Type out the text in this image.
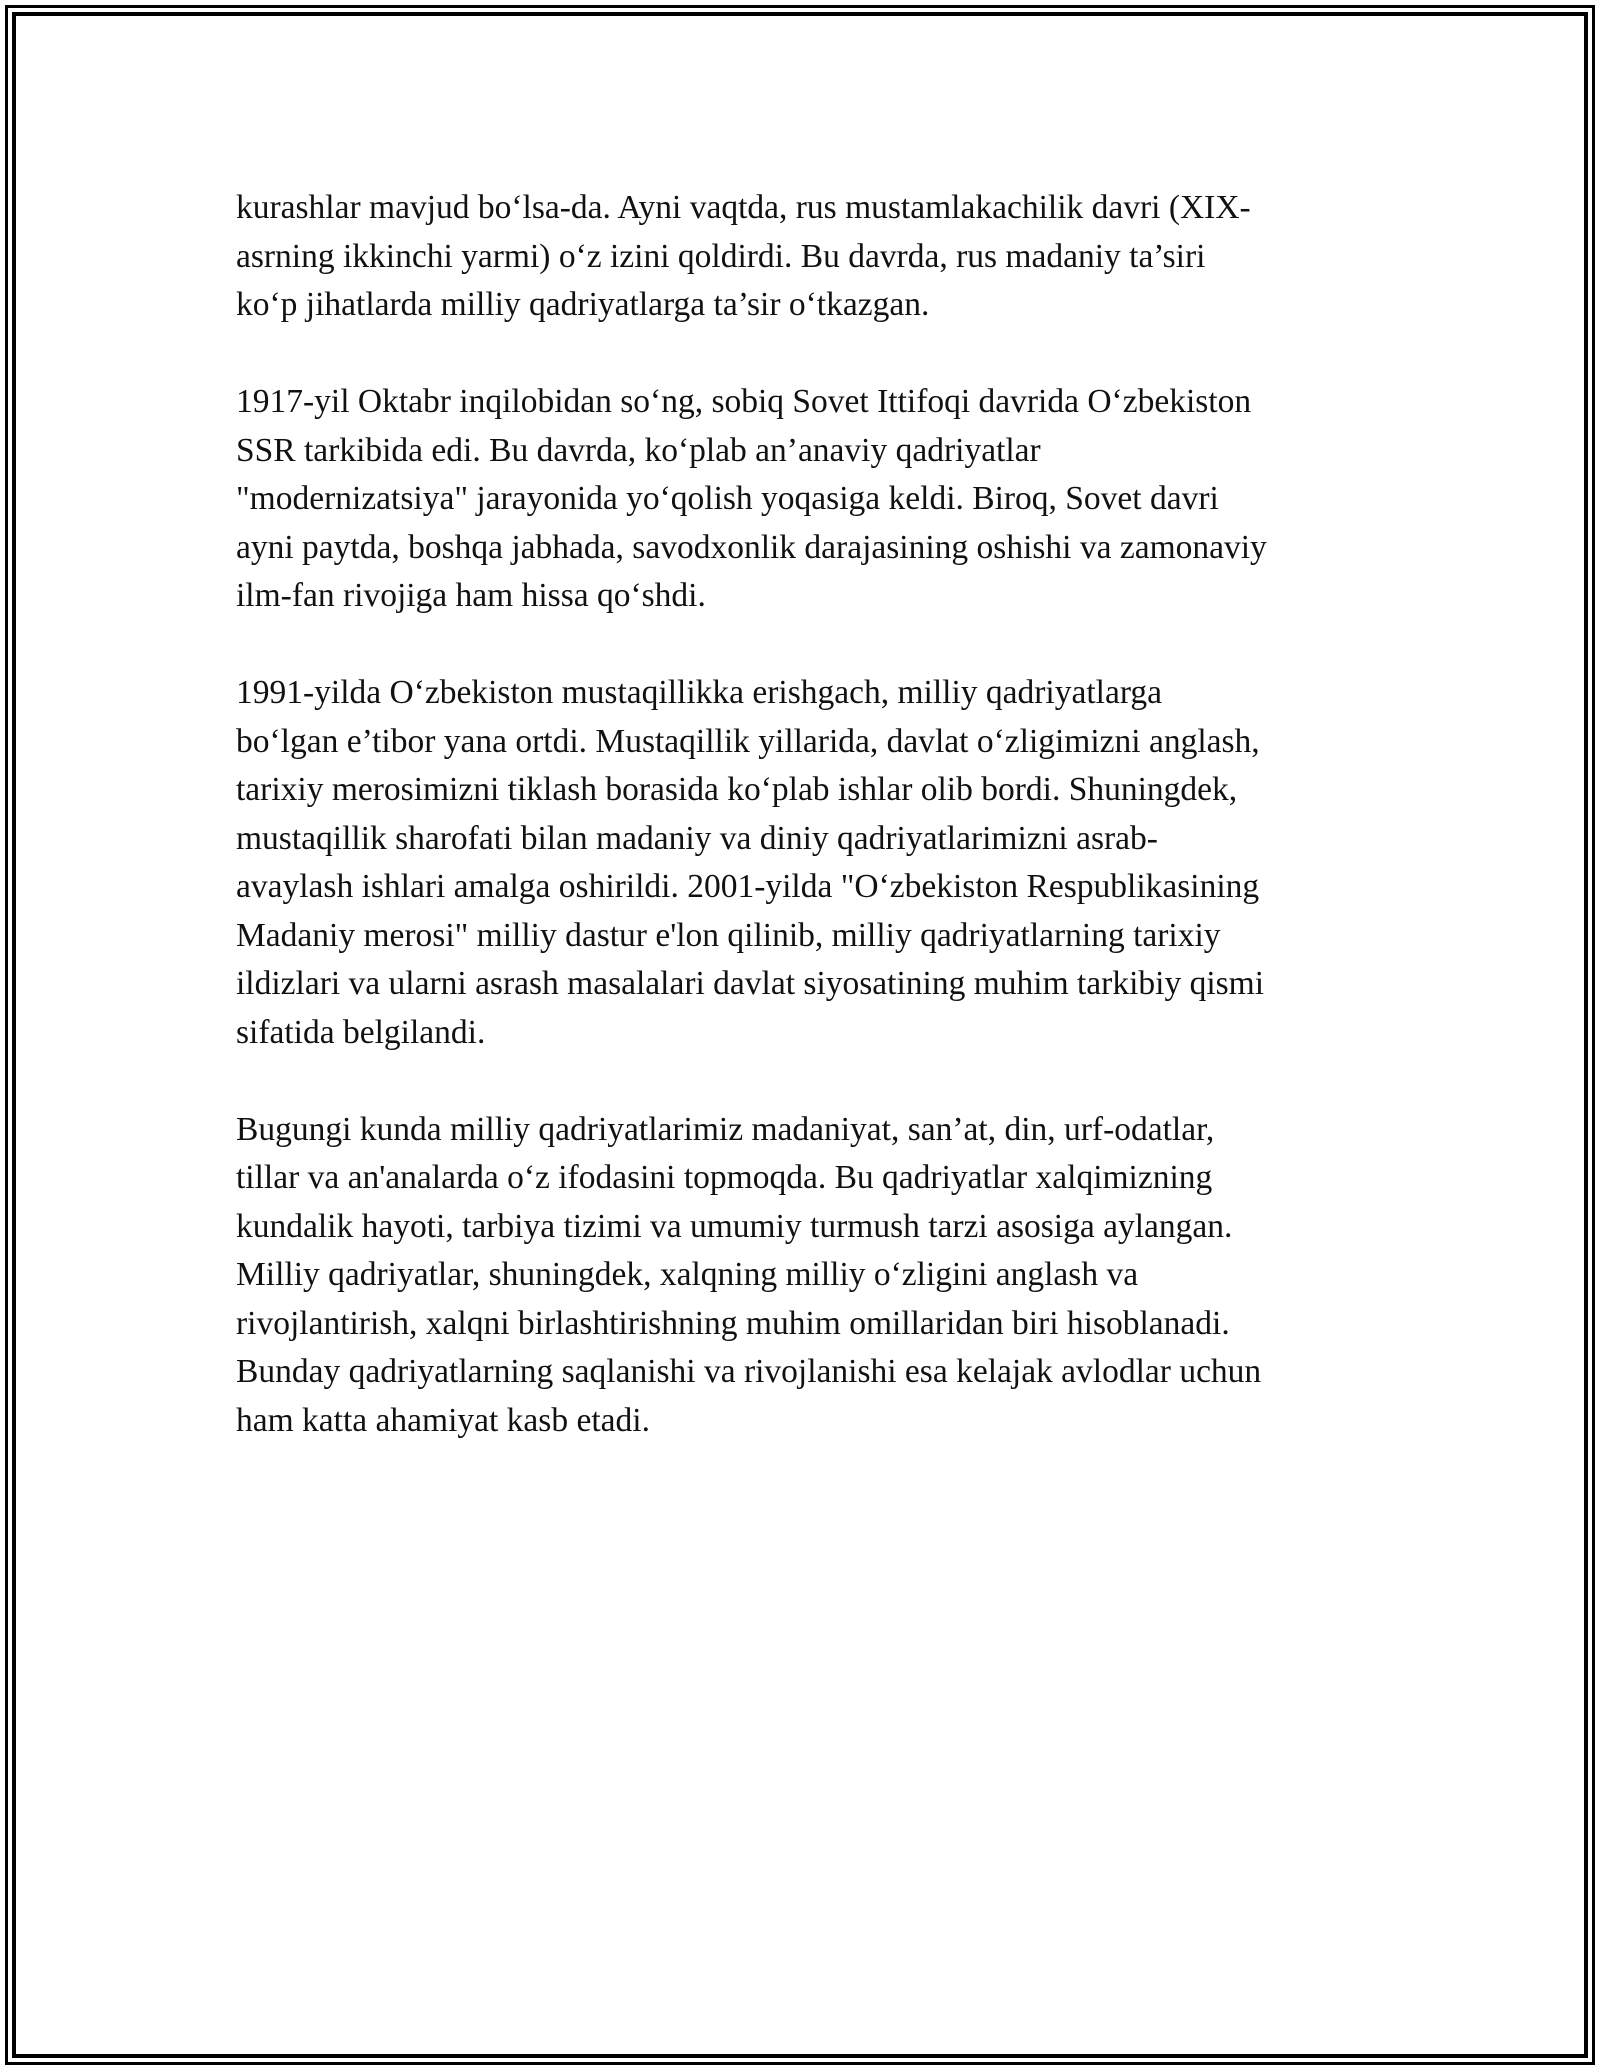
kurashlar mavjud bo‘lsa-da. Ayni vaqtda, rus mustamlakachilik davri (XIX-
asrning ikkinchi yarmi) o‘z izini qoldirdi. Bu davrda, rus madaniy ta’siri
ko‘p jihatlarda milliy qadriyatlarga ta’sir o‘tkazgan.

1917-yil Oktabr inqilobidan so‘ng, sobiq Sovet Ittifoqi davrida O‘zbekiston
SSR tarkibida edi. Bu davrda, ko‘plab an’anaviy qadriyatlar
"modernizatsiya" jarayonida yo‘qolish yoqasiga keldi. Biroq, Sovet davri
ayni paytda, boshqa jabhada, savodxonlik darajasining oshishi va zamonaviy
ilm-fan rivojiga ham hissa qo‘shdi.

1991-yilda O‘zbekiston mustaqillikka erishgach, milliy qadriyatlarga
bo‘lgan e’tibor yana ortdi. Mustaqillik yillarida, davlat o‘zligimizni anglash,
tarixiy merosimizni tiklash borasida ko‘plab ishlar olib bordi. Shuningdek,
mustaqillik sharofati bilan madaniy va diniy qadriyatlarimizni asrab-
avaylash ishlari amalga oshirildi. 2001-yilda "O‘zbekiston Respublikasining
Madaniy merosi" milliy dastur e'lon qilinib, milliy qadriyatlarning tarixiy
ildizlari va ularni asrash masalalari davlat siyosatining muhim tarkibiy qismi
sifatida belgilandi.

Bugungi kunda milliy qadriyatlarimiz madaniyat, san’at, din, urf-odatlar,
tillar va an'analarda o‘z ifodasini topmoqda. Bu qadriyatlar xalqimizning
kundalik hayoti, tarbiya tizimi va umumiy turmush tarzi asosiga aylangan.
Milliy qadriyatlar, shuningdek, xalqning milliy o‘zligini anglash va
rivojlantirish, xalqni birlashtirishning muhim omillaridan biri hisoblanadi.
Bunday qadriyatlarning saqlanishi va rivojlanishi esa kelajak avlodlar uchun
ham katta ahamiyat kasb etadi.
